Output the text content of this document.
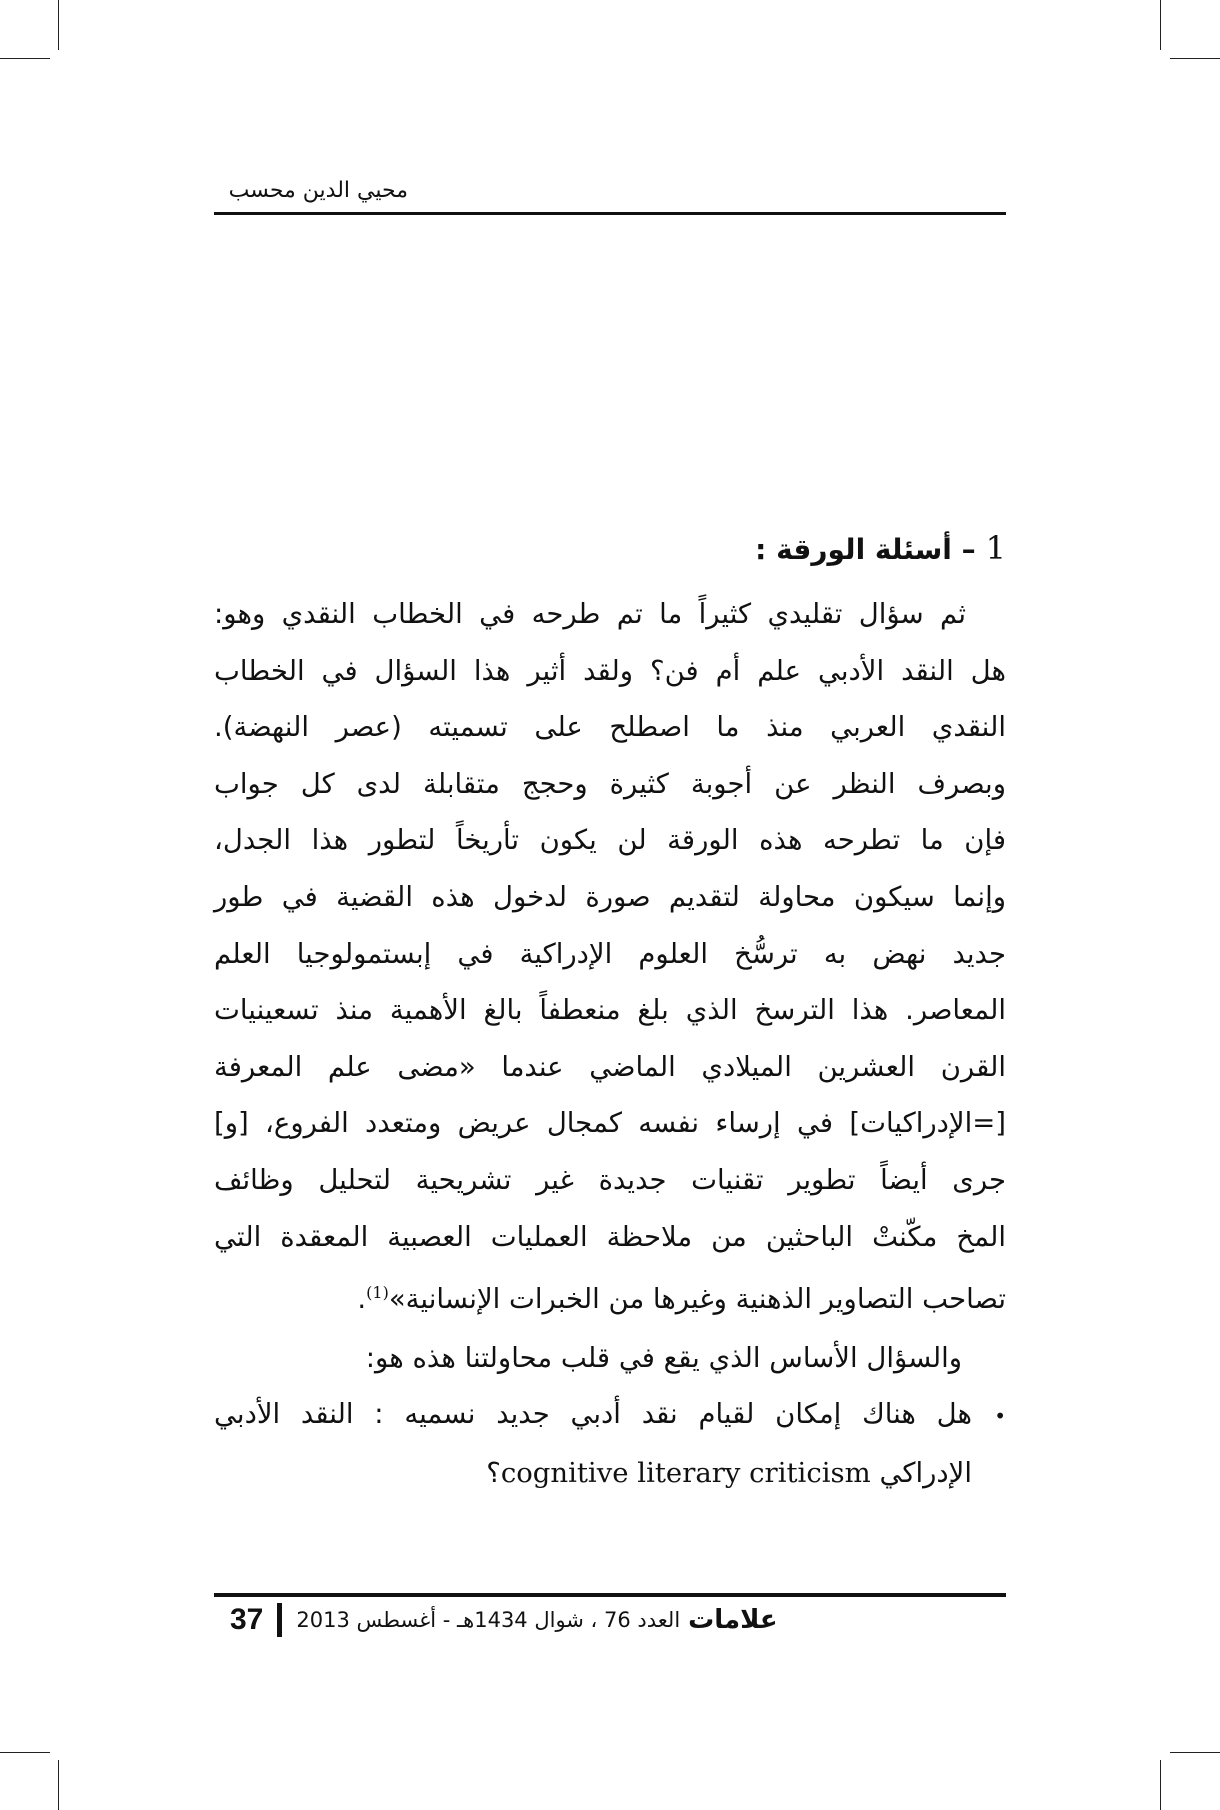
محيي الدين محسب
1
– أسئلة الورقة :
ثم سؤال تقليدي كثيراً ما تم طرحه في الخطاب النقدي وهو:
هل النقد الأدبي علم أم فن؟ ولقد أثير هذا السؤال في الخطاب
النقدي العربي منذ ما اصطلح على تسميته (عصر النهضة).
وبصرف النظر عن أجوبة كثيرة وحجج متقابلة لدى كل جواب
فإن ما تطرحه هذه الورقة لن يكون تأريخاً لتطور هذا الجدل،
وإنما سيكون محاولة لتقديم صورة لدخول هذه القضية في طور
جديد نهض به ترسُّخ العلوم الإدراكية في إبستمولوجيا العلم
المعاصر. هذا الترسخ الذي بلغ منعطفاً بالغ الأهمية منذ تسعينيات
القرن العشرين الميلادي الماضي عندما «مضى علم المعرفة
[=الإدراكيات] في إرساء نفسه كمجال عريض ومتعدد الفروع، [و]
جرى أيضاً تطوير تقنيات جديدة غير تشريحية لتحليل وظائف
المخ مكّنتْ الباحثين من ملاحظة العمليات العصبية المعقدة التي
تصاحب التصاوير الذهنية وغيرها من الخبرات الإنسانية»$^{(1)}$.
والسؤال الأساس الذي يقع في قلب محاولتنا هذه هو:
•
هل هناك إمكان لقيام نقد أدبي جديد نسميه : النقد الأدبي
الإدراكي cognitive literary criticism؟
علامات
العدد 76 ، شوال 1434هـ - أغسطس 2013
37
